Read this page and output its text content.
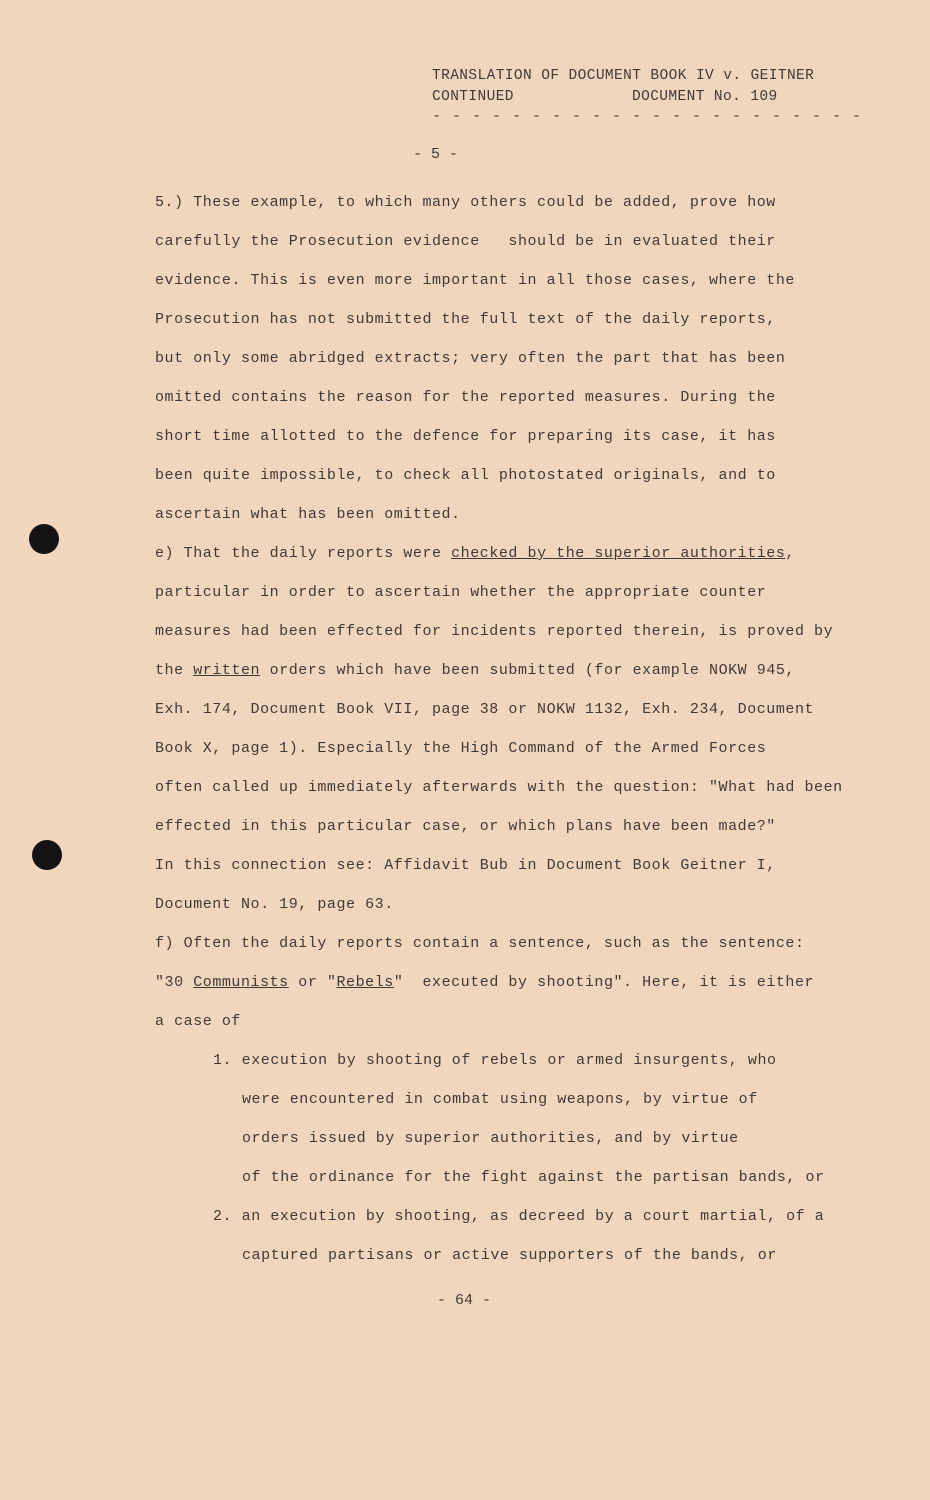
TRANSLATION OF DOCUMENT BOOK IV v. GEITNER
CONTINUED	DOCUMENT No. 109
- - - - - - - - - - - - - - - - - - - - - -
- 5 -
5.) These example, to which many others could be added, prove how
carefully the Prosecution evidence   should be in evaluated their
evidence. This is even more important in all those cases, where the
Prosecution has not submitted the full text of the daily reports,
but only some abridged extracts; very often the part that has been
omitted contains the reason for the reported measures. During the
short time allotted to the defence for preparing its case, it has
been quite impossible, to check all photostated originals, and to
ascertain what has been omitted.
e) That the daily reports were checked by the superior authorities,
particular in order to ascertain whether the appropriate counter
measures had been effected for incidents reported therein, is proved by
the written orders which have been submitted (for example NOKW 945,
Exh. 174, Document Book VII, page 38 or NOKW 1132, Exh. 234, Document
Book X, page 1). Especially the High Command of the Armed Forces
often called up immediately afterwards with the question: "What had been
effected in this particular case, or which plans have been made?"
In this connection see: Affidavit Bub in Document Book Geitner I,
Document No. 19, page 63.
f) Often the daily reports contain a sentence, such as the sentence:
"30 Communists or "Rebels"  executed by shooting". Here, it is either
a case of
1. execution by shooting of rebels or armed insurgents, who
were encountered in combat using weapons, by virtue of
orders issued by superior authorities, and by virtue
of the ordinance for the fight against the partisan bands, or
2. an execution by shooting, as decreed by a court martial, of a
captured partisans or active supporters of the bands, or
- 64 -
